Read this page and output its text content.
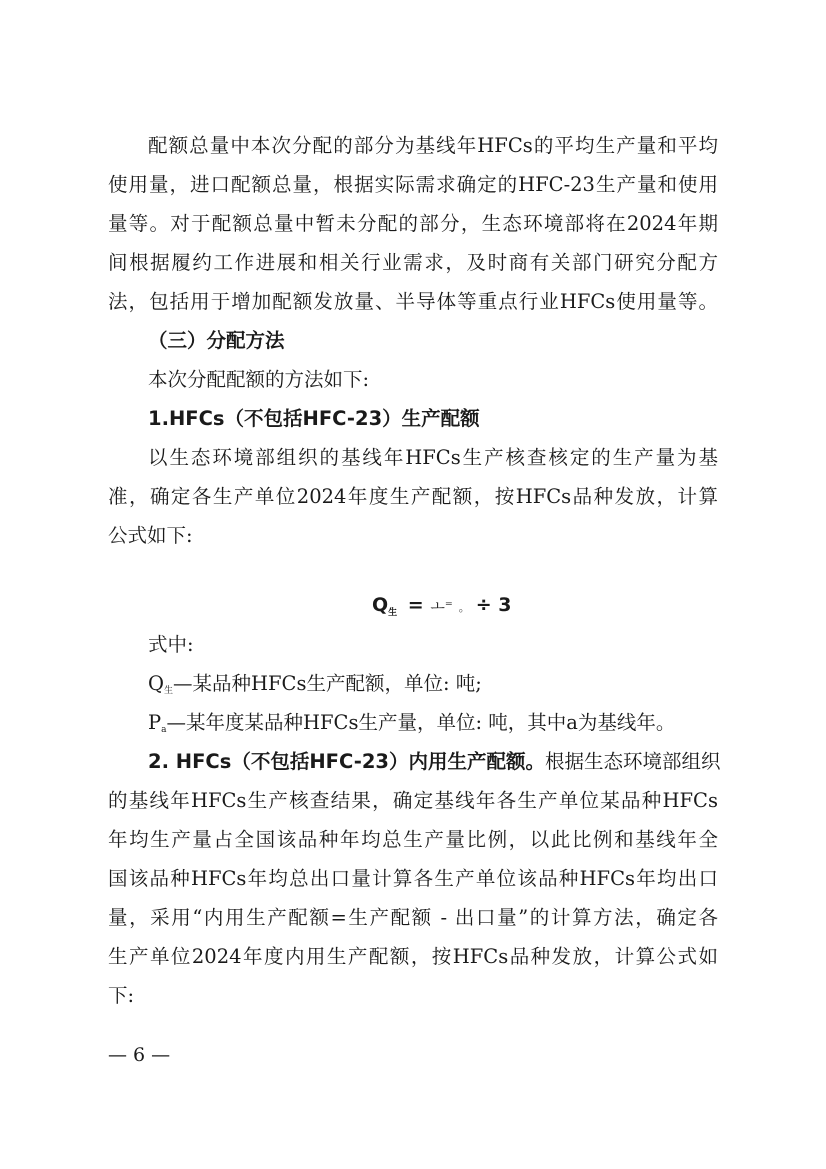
配额总量中本次分配的部分为基线年HFCs的平均生产量和平均
使用量，进口配额总量，根据实际需求确定的HFC-23生产量和使用
量等。对于配额总量中暂未分配的部分，生态环境部将在2024年期
间根据履约工作进展和相关行业需求，及时商有关部门研究分配方
法，包括用于增加配额发放量、半导体等重点行业HFCs使用量等。
（三）分配方法
本次分配配额的方法如下:
1.HFCs（不包括HFC-23）生产配额
以生态环境部组织的基线年HFCs生产核查核定的生产量为基
准，确定各生产单位2024年度生产配额，按HFCs品种发放，计算
公式如下:
$Q_生$ = ㅗ⁼ 。 ÷ 3
式中:
Q生—某品种HFCs生产配额，单位: 吨;
Pa—某年度某品种HFCs生产量，单位: 吨，其中a为基线年。
2. HFCs（不包括HFC-23）内用生产配额。根据生态环境部组织
的基线年HFCs生产核查结果，确定基线年各生产单位某品种HFCs
年均生产量占全国该品种年均总生产量比例，以此比例和基线年全
国该品种HFCs年均总出口量计算各生产单位该品种HFCs年均出口
量，采用“内用生产配额=生产配额 - 出口量”的计算方法，确定各
生产单位2024年度内用生产配额，按HFCs品种发放，计算公式如
下:
— 6 —
